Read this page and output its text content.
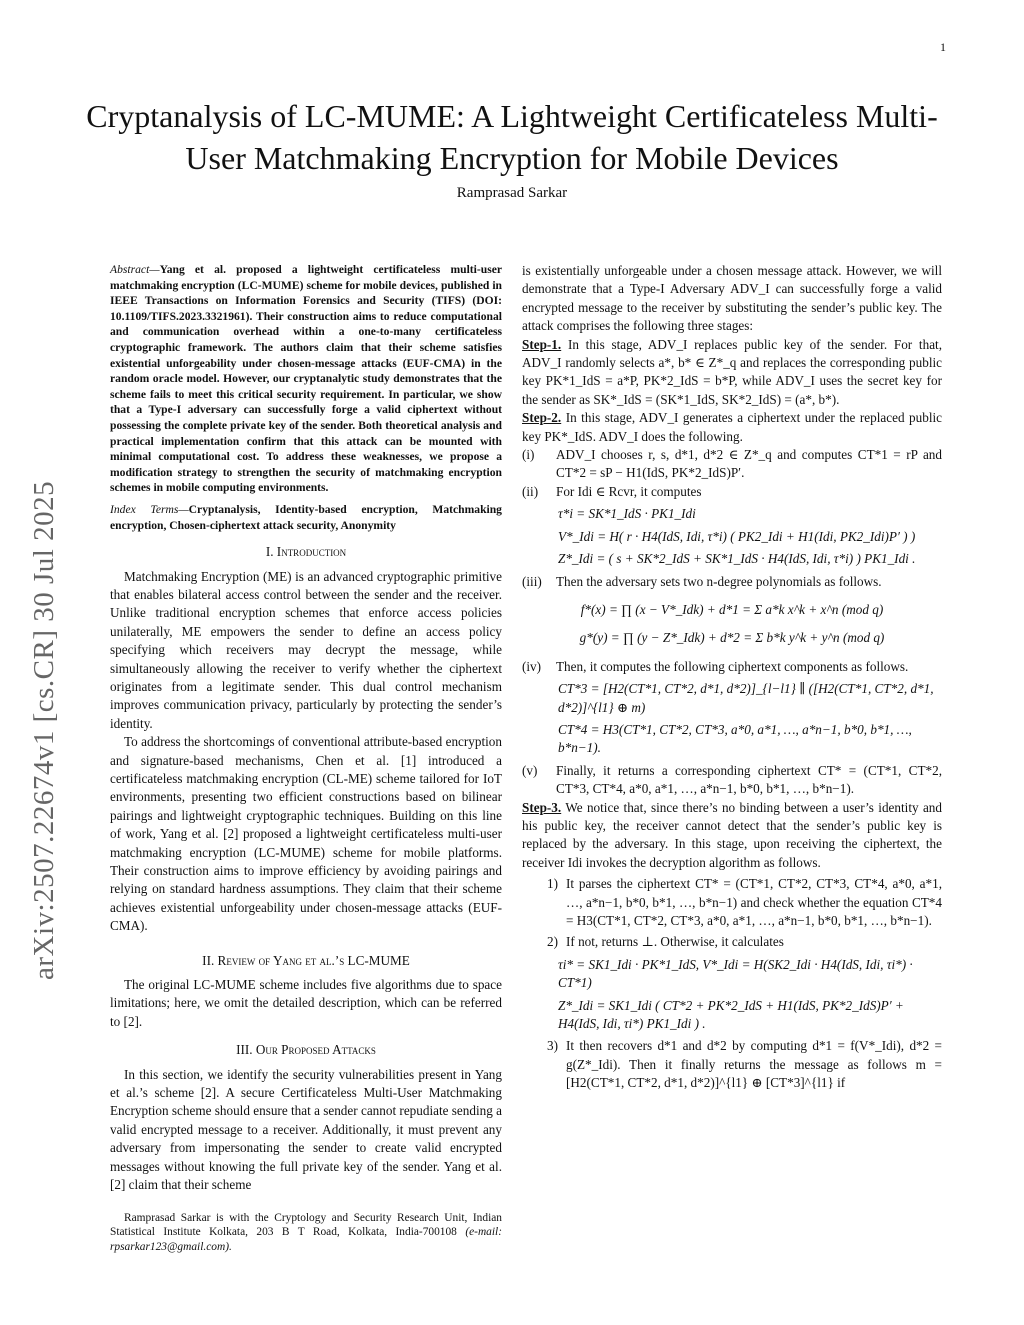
1
arXiv:2507.22674v1 [cs.CR] 30 Jul 2025
Cryptanalysis of LC-MUME: A Lightweight Certificateless Multi-User Matchmaking Encryption for Mobile Devices
Ramprasad Sarkar
Abstract—Yang et al. proposed a lightweight certificateless multi-user matchmaking encryption (LC-MUME) scheme for mobile devices, published in IEEE Transactions on Information Forensics and Security (TIFS) (DOI: 10.1109/TIFS.2023.3321961). Their construction aims to reduce computational and communication overhead within a one-to-many certificateless cryptographic framework. The authors claim that their scheme satisfies existential unforgeability under chosen-message attacks (EUF-CMA) in the random oracle model. However, our cryptanalytic study demonstrates that the scheme fails to meet this critical security requirement. In particular, we show that a Type-I adversary can successfully forge a valid ciphertext without possessing the complete private key of the sender. Both theoretical analysis and practical implementation confirm that this attack can be mounted with minimal computational cost. To address these weaknesses, we propose a modification strategy to strengthen the security of matchmaking encryption schemes in mobile computing environments.
Index Terms—Cryptanalysis, Identity-based encryption, Matchmaking encryption, Chosen-ciphertext attack security, Anonymity
I. Introduction

Matchmaking Encryption (ME) is an advanced cryptographic primitive that enables bilateral access control between the sender and the receiver. Unlike traditional encryption schemes that enforce access policies unilaterally, ME empowers the sender to define an access policy specifying which receivers may decrypt the message, while simultaneously allowing the receiver to verify whether the ciphertext originates from a legitimate sender. This dual control mechanism improves communication privacy, particularly by protecting the sender’s identity.

To address the shortcomings of conventional attribute-based encryption and signature-based mechanisms, Chen et al. [1] introduced a certificateless matchmaking encryption (CL-ME) scheme tailored for IoT environments, presenting two efficient constructions based on bilinear pairings and lightweight cryptographic techniques. Building on this line of work, Yang et al. [2] proposed a lightweight certificateless multi-user matchmaking encryption (LC-MUME) scheme for mobile platforms. Their construction aims to improve efficiency by avoiding pairings and relying on standard hardness assumptions. They claim that their scheme achieves existential unforgeability under chosen-message attacks (EUF-CMA).

II. Review of Yang et al.’s LC-MUME

The original LC-MUME scheme includes five algorithms due to space limitations; here, we omit the detailed description, which can be referred to [2].

III. Our Proposed Attacks

In this section, we identify the security vulnerabilities present in Yang et al.’s scheme [2]. A secure Certificateless Multi-User Matchmaking Encryption scheme should ensure that a sender cannot repudiate sending a valid encrypted message to a receiver. Additionally, it must prevent any adversary from impersonating the sender to create valid encrypted messages without knowing the full private key of the sender. Yang et al. [2] claim that their scheme

Ramprasad Sarkar is with the Cryptology and Security Research Unit, Indian Statistical Institute Kolkata, 203 B T Road, Kolkata, India-700108 (e-mail: rpsarkar123@gmail.com).

is existentially unforgeable under a chosen message attack. However, we will demonstrate that a Type-I Adversary ADV_I can successfully forge a valid encrypted message to the receiver by substituting the sender’s public key. The attack comprises the following three stages:

Step-1. In this stage, ADV_I replaces public key of the sender. For that, ADV_I randomly selects a*, b* ∈ Z*_q and replaces the corresponding public key PK*1_IdS = a*P, PK*2_IdS = b*P, while ADV_I uses the secret key for the sender as SK*_IdS = (SK*1_IdS, SK*2_IdS) = (a*, b*).

Step-2. In this stage, ADV_I generates a ciphertext under the replaced public key PK*_IdS. ADV_I does the following.

(i)	ADV_I chooses r, s, d*1, d*2 ∈ Z*_q and computes CT*1 = rP and CT*2 = sP − H1(IdS, PK*2_IdS)P′.
(ii)	For Idi ∈ Rcvr, it computes
τ*i = SK*1_IdS · PK1_Idi
V*_Idi = H( r · H4(IdS, Idi, τ*i) ( PK2_Idi + H1(Idi, PK2_Idi)P′ ) )
Z*_Idi = ( s + SK*2_IdS + SK*1_IdS · H4(IdS, Idi, τ*i) ) PK1_Idi .
(iii)	Then the adversary sets two n-degree polynomials as follows.
f*(x) = ∏ (x − V*_Idk) + d*1 = Σ a*k x^k + x^n (mod q)
g*(y) = ∏ (y − Z*_Idk) + d*2 = Σ b*k y^k + y^n (mod q)
(iv)	Then, it computes the following ciphertext components as follows.
CT*3 = [H2(CT*1, CT*2, d*1, d*2)]_{l−l1} ∥ ([H2(CT*1, CT*2, d*1, d*2)]^{l1} ⊕ m)
CT*4 = H3(CT*1, CT*2, CT*3, a*0, a*1, …, a*n−1, b*0, b*1, …, b*n−1).
(v)	Finally, it returns a corresponding ciphertext CT* = (CT*1, CT*2, CT*3, CT*4, a*0, a*1, …, a*n−1, b*0, b*1, …, b*n−1).

Step-3. We notice that, since there’s no binding between a user’s identity and his public key, the receiver cannot detect that the sender’s public key is replaced by the adversary. In this stage, upon receiving the ciphertext, the receiver Idi invokes the decryption algorithm as follows.

1) It parses the ciphertext CT* = (CT*1, CT*2, CT*3, CT*4, a*0, a*1, …, a*n−1, b*0, b*1, …, b*n−1) and check whether the equation CT*4 = H3(CT*1, CT*2, CT*3, a*0, a*1, …, a*n−1, b*0, b*1, …, b*n−1).
2) If not, returns ⊥. Otherwise, it calculates
τi* = SK1_Idi · PK*1_IdS, V*_Idi = H(SK2_Idi · H4(IdS, Idi, τi*) · CT*1)
Z*_Idi = SK1_Idi ( CT*2 + PK*2_IdS + H1(IdS, PK*2_IdS)P′ + H4(IdS, Idi, τi*) PK1_Idi ) .
3) It then recovers d*1 and d*2 by computing d*1 = f(V*_Idi), d*2 = g(Z*_Idi). Then it finally returns the message as follows m = [H2(CT*1, CT*2, d*1, d*2)]^{l1} ⊕ [CT*3]^{l1} if
